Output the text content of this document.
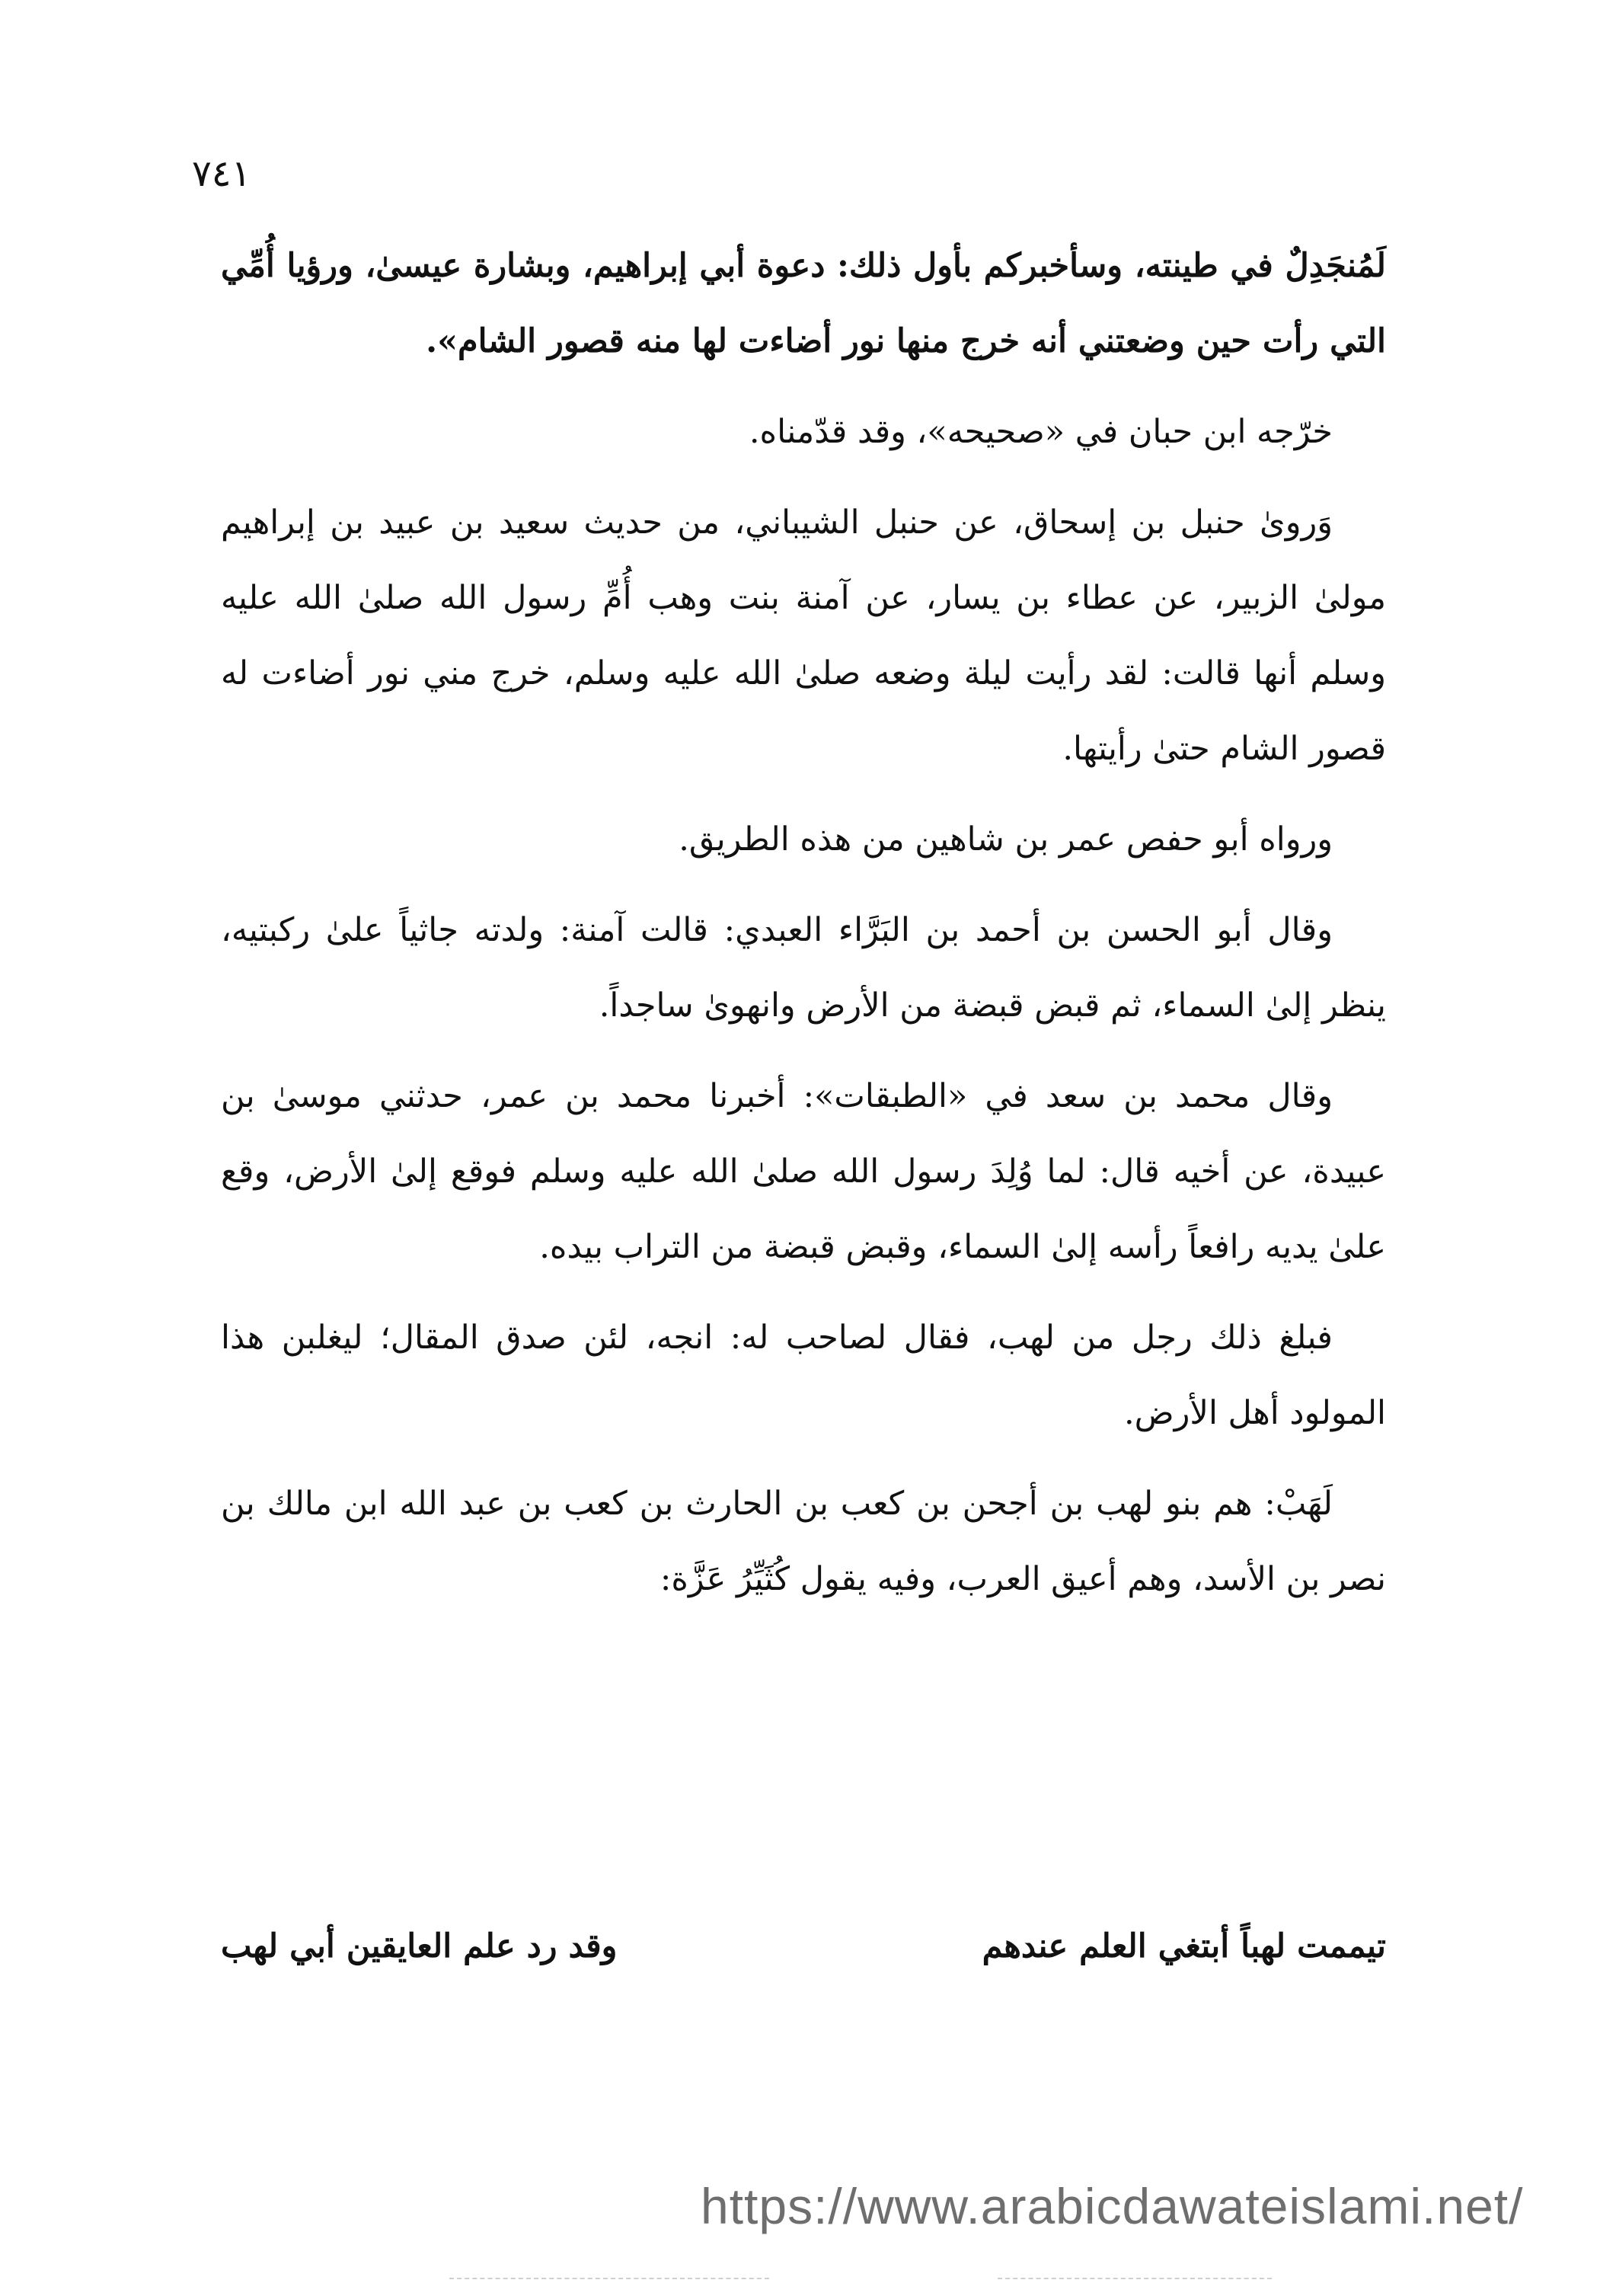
٧٤١

لَمُنجَدِلٌ في طينته، وسأخبركم بأول ذلك: دعوة أبي إبراهيم، وبشارة عيسىٰ، ورؤيا أُمِّي التي رأت حين وضعتني أنه خرج منها نور أضاءت لها منه قصور الشام».

خرّجه ابن حبان في «صحيحه»، وقد قدّمناه.

وَروىٰ حنبل بن إسحاق، عن حنبل الشيباني، من حديث سعيد بن عبيد بن إبراهيم مولىٰ الزبير، عن عطاء بن يسار، عن آمنة بنت وهب أُمِّ رسول الله صلىٰ الله عليه وسلم أنها قالت: لقد رأيت ليلة وضعه صلىٰ الله عليه وسلم، خرج مني نور أضاءت له قصور الشام حتىٰ رأيتها.

ورواه أبو حفص عمر بن شاهين من هذه الطريق.

وقال أبو الحسن بن أحمد بن البَرَّاء العبدي: قالت آمنة: ولدته جاثياً علىٰ ركبتيه، ينظر إلىٰ السماء، ثم قبض قبضة من الأرض وانهوىٰ ساجداً.

وقال محمد بن سعد في «الطبقات»: أخبرنا محمد بن عمر، حدثني موسىٰ بن عبيدة، عن أخيه قال: لما وُلِدَ رسول الله صلىٰ الله عليه وسلم فوقع إلىٰ الأرض، وقع علىٰ يديه رافعاً رأسه إلىٰ السماء، وقبض قبضة من التراب بيده.

فبلغ ذلك رجل من لهب، فقال لصاحب له: انجه، لئن صدق المقال؛ ليغلبن هذا المولود أهل الأرض.

لَهَبْ: هم بنو لهب بن أجحن بن كعب بن الحارث بن كعب بن عبد الله ابن مالك بن نصر بن الأسد، وهم أعيق العرب، وفيه يقول كُثَيِّرُ عَزَّة:

تيممت لهباً أبتغي العلم عندهم
وقد رد علم العايقين أبي لهب
https://www.arabicdawateislami.net/
